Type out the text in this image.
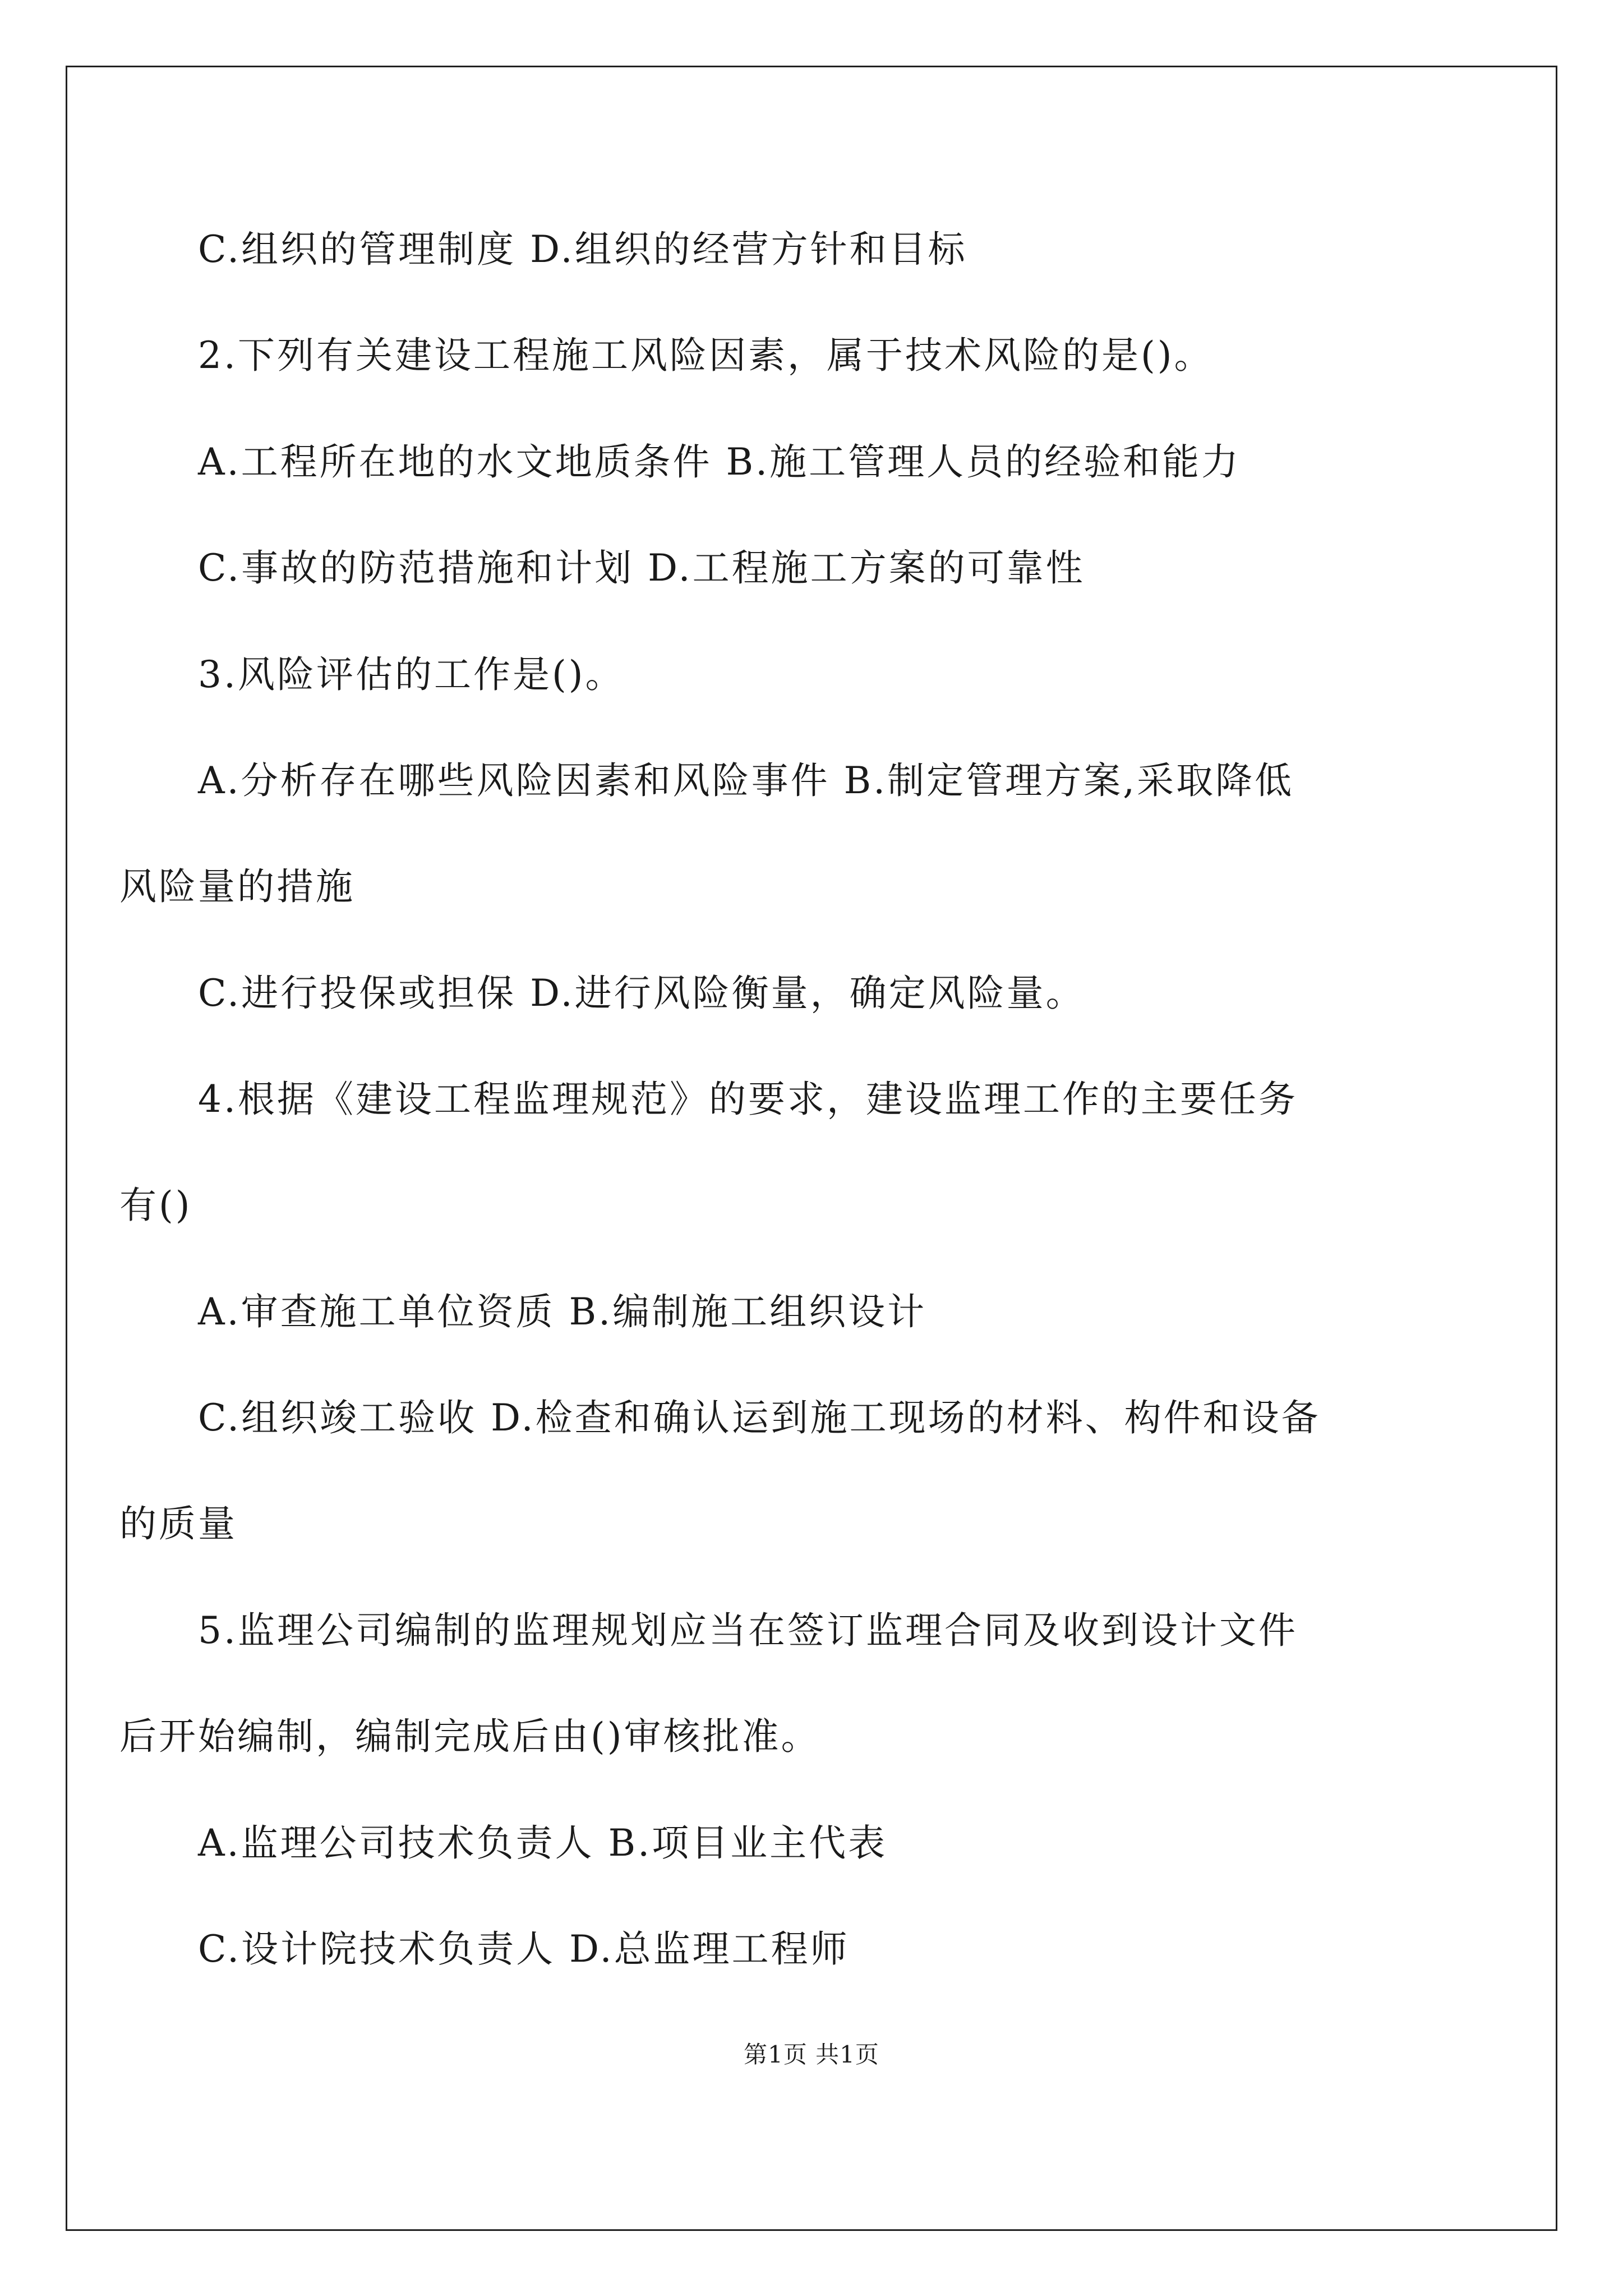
C.组织的管理制度 D.组织的经营方针和目标
2.下列有关建设工程施工风险因素，属于技术风险的是()。
A.工程所在地的水文地质条件 B.施工管理人员的经验和能力
C.事故的防范措施和计划 D.工程施工方案的可靠性
3.风险评估的工作是()。
A.分析存在哪些风险因素和风险事件 B.制定管理方案,采取降低
风险量的措施
C.进行投保或担保 D.进行风险衡量，确定风险量。
4.根据《建设工程监理规范》的要求，建设监理工作的主要任务
有()
A.审查施工单位资质 B.编制施工组织设计
C.组织竣工验收 D.检查和确认运到施工现场的材料、构件和设备
的质量
5.监理公司编制的监理规划应当在签订监理合同及收到设计文件
后开始编制，编制完成后由()审核批准。
A.监理公司技术负责人 B.项目业主代表
C.设计院技术负责人 D.总监理工程师
第1页 共1页
